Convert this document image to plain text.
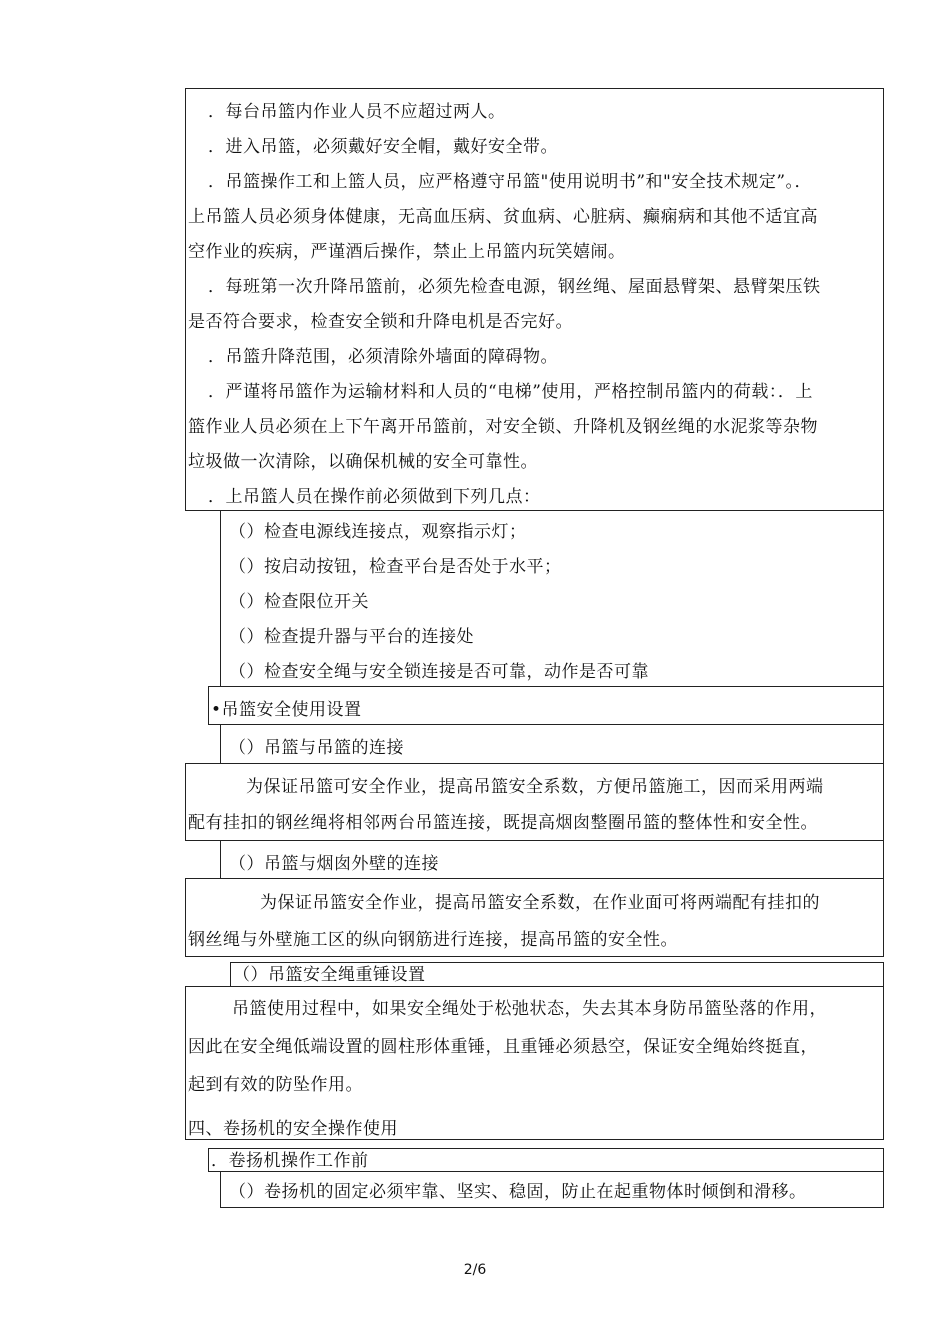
．每台吊篮内作业人员不应超过两人。
．进入吊篮，必须戴好安全帽，戴好安全带。
．吊篮操作工和上篮人员，应严格遵守吊篮"使用说明书”和"安全技术规定”。．
上吊篮人员必须身体健康，无高血压病、贫血病、心脏病、癫痫病和其他不适宜高
空作业的疾病，严谨酒后操作，禁止上吊篮内玩笑嬉闹。
．每班第一次升降吊篮前，必须先检查电源，钢丝绳、屋面悬臂架、悬臂架压铁
是否符合要求，检查安全锁和升降电机是否完好。
．吊篮升降范围，必须清除外墙面的障碍物。
．严谨将吊篮作为运输材料和人员的“电梯”使用，严格控制吊篮内的荷载：．上
篮作业人员必须在上下午离开吊篮前，对安全锁、升降机及钢丝绳的水泥浆等杂物
垃圾做一次清除，以确保机械的安全可靠性。
．上吊篮人员在操作前必须做到下列几点：
（）检查电源线连接点，观察指示灯；
（）按启动按钮，检查平台是否处于水平；
（）检查限位开关
（）检查提升器与平台的连接处
（）检查安全绳与安全锁连接是否可靠，动作是否可靠
•吊篮安全使用设置
（）吊篮与吊篮的连接
为保证吊篮可安全作业，提高吊篮安全系数，方便吊篮施工，因而采用两端
配有挂扣的钢丝绳将相邻两台吊篮连接，既提高烟囱整圈吊篮的整体性和安全性。
（）吊篮与烟囱外壁的连接
为保证吊篮安全作业，提高吊篮安全系数，在作业面可将两端配有挂扣的
钢丝绳与外壁施工区的纵向钢筋进行连接，提高吊篮的安全性。
（）吊篮安全绳重锤设置
吊篮使用过程中，如果安全绳处于松弛状态，失去其本身防吊篮坠落的作用，
因此在安全绳低端设置的圆柱形体重锤，且重锤必须悬空，保证安全绳始终挺直，
起到有效的防坠作用。
四、卷扬机的安全操作使用
．卷扬机操作工作前
（）卷扬机的固定必须牢靠、坚实、稳固，防止在起重物体时倾倒和滑移。
2/6
